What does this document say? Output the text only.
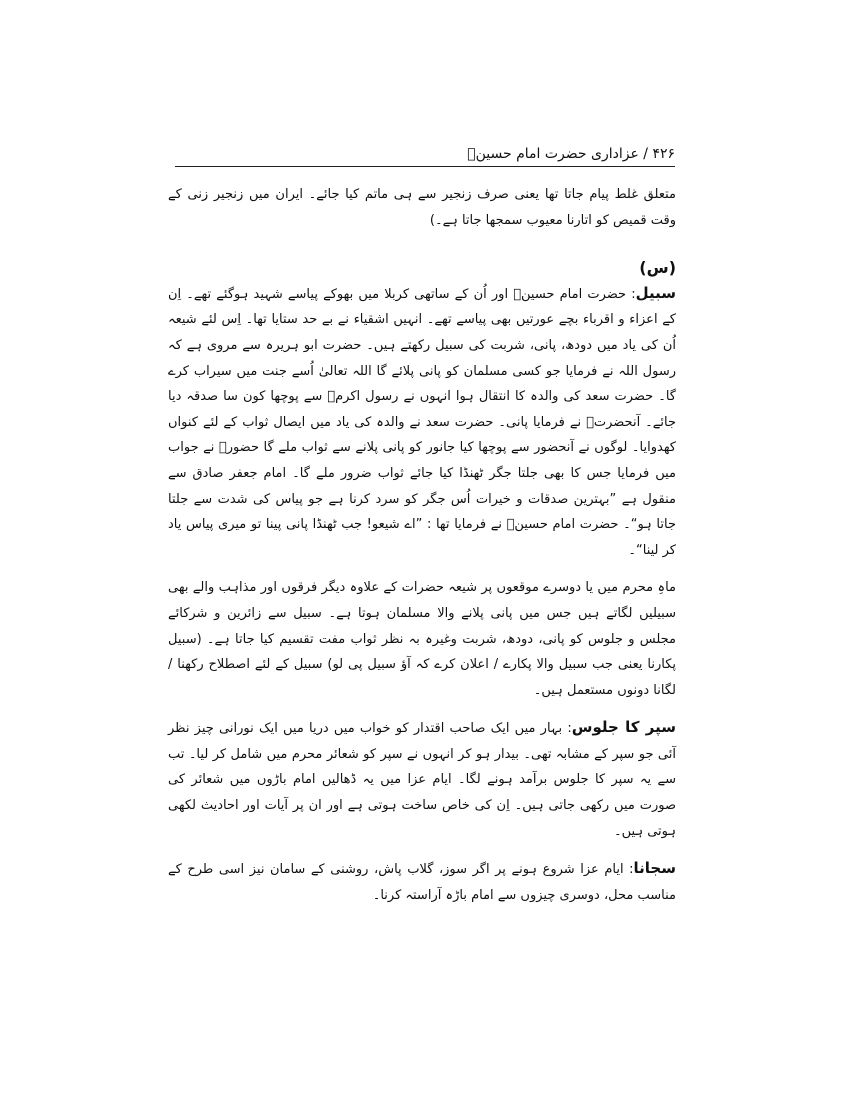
۴۲۶ / عزاداری حضرت امام حسینؑ

متعلق غلط پیام جاتا تھا یعنی صرف زنجیر سے ہی ماتم کیا جائے۔ ایران میں زنجیر زنی کے وقت قمیص کو اتارنا معیوب سمجھا جاتا ہے۔)

(س)

سبیل: حضرت امام حسینؑ اور اُن کے ساتھی کربلا میں بھوکے پیاسے شہید ہوگئے تھے۔ اِن کے اعزاء و اقرباء بچے عورتیں بھی پیاسے تھے۔ انہیں اشقیاء نے بے حد ستایا تھا۔ اِس لئے شیعہ اُن کی یاد میں دودھ، پانی، شربت کی سبیل رکھتے ہیں۔ حضرت ابو ہریرہ سے مروی ہے کہ رسول اللہ نے فرمایا جو کسی مسلمان کو پانی پلائے گا اللہ تعالیٰ اُسے جنت میں سیراب کرے گا۔ حضرت سعد کی والدہ کا انتقال ہوا انہوں نے رسول اکرمؐ سے پوچھا کون سا صدقہ دیا جائے۔ آنحضرتؐ نے فرمایا پانی۔ حضرت سعد نے والدہ کی یاد میں ایصال ثواب کے لئے کنواں کھدوایا۔ لوگوں نے آنحضور سے پوچھا کیا جانور کو پانی پلانے سے ثواب ملے گا حضورؐ نے جواب میں فرمایا جس کا بھی جلتا جگر ٹھنڈا کیا جائے ثواب ضرور ملے گا۔ امام جعفر صادق سے منقول ہے ”بہترین صدقات و خیرات اُس جگر کو سرد کرنا ہے جو پیاس کی شدت سے جلتا جاتا ہو“۔ حضرت امام حسینؑ نے فرمایا تھا : ”اے شیعو! جب ٹھنڈا پانی پینا تو میری پیاس یاد کر لینا“۔

ماہِ محرم میں یا دوسرے موقعوں پر شیعہ حضرات کے علاوہ دیگر فرقوں اور مذاہب والے بھی سبیلیں لگاتے ہیں جس میں پانی پلانے والا مسلمان ہوتا ہے۔ سبیل سے زائرین و شرکائے مجلس و جلوس کو پانی، دودھ، شربت وغیرہ بہ نظر ثواب مفت تقسیم کیا جاتا ہے۔ (سبیل پکارنا یعنی جب سبیل والا پکارے / اعلان کرے کہ آؤ سبیل پی لو) سبیل کے لئے اصطلاح رکھنا / لگانا دونوں مستعمل ہیں۔

سپر کا جلوس: بہار میں ایک صاحب اقتدار کو خواب میں دریا میں ایک نورانی چیز نظر آئی جو سپر کے مشابہ تھی۔ بیدار ہو کر انہوں نے سپر کو شعائر محرم میں شامل کر لیا۔ تب سے یہ سپر کا جلوس برآمد ہونے لگا۔ ایام عزا میں یہ ڈھالیں امام باڑوں میں شعائر کی صورت میں رکھی جاتی ہیں۔ اِن کی خاص ساخت ہوتی ہے اور ان پر آیات اور احادیث لکھی ہوتی ہیں۔

سجانا: ایام عزا شروع ہونے پر اگر سوز، گلاب پاش، روشنی کے سامان نیز اسی طرح کے مناسب محل، دوسری چیزوں سے امام باڑہ آراستہ کرنا۔
